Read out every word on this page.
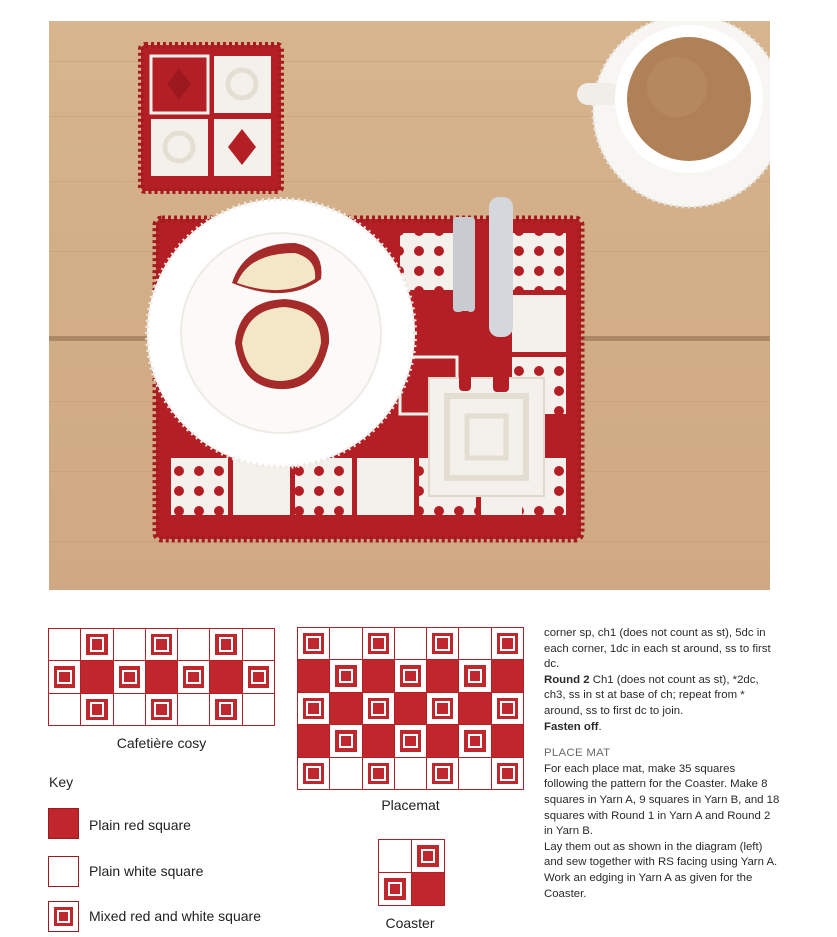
Cafetière cosy
Placemat
Coaster
Key
Plain red square
Plain white square
Mixed red and white square

corner sp, ch1 (does not count as st), 5dc in each corner, 1dc in each st around, ss to first dc.

Round 2 Ch1 (does not count as st), *2dc, ch3, ss in st at base of ch; repeat from * around, ss to first dc to join.

Fasten off.

PLACE MAT

For each place mat, make 35 squares following the pattern for the Coaster. Make 8 squares in Yarn A, 9 squares in Yarn B, and 18 squares with Round 1 in Yarn A and Round 2 in Yarn B.

Lay them out as shown in the diagram (left) and sew together with RS facing using Yarn A. Work an edging in Yarn A as given for the Coaster.
